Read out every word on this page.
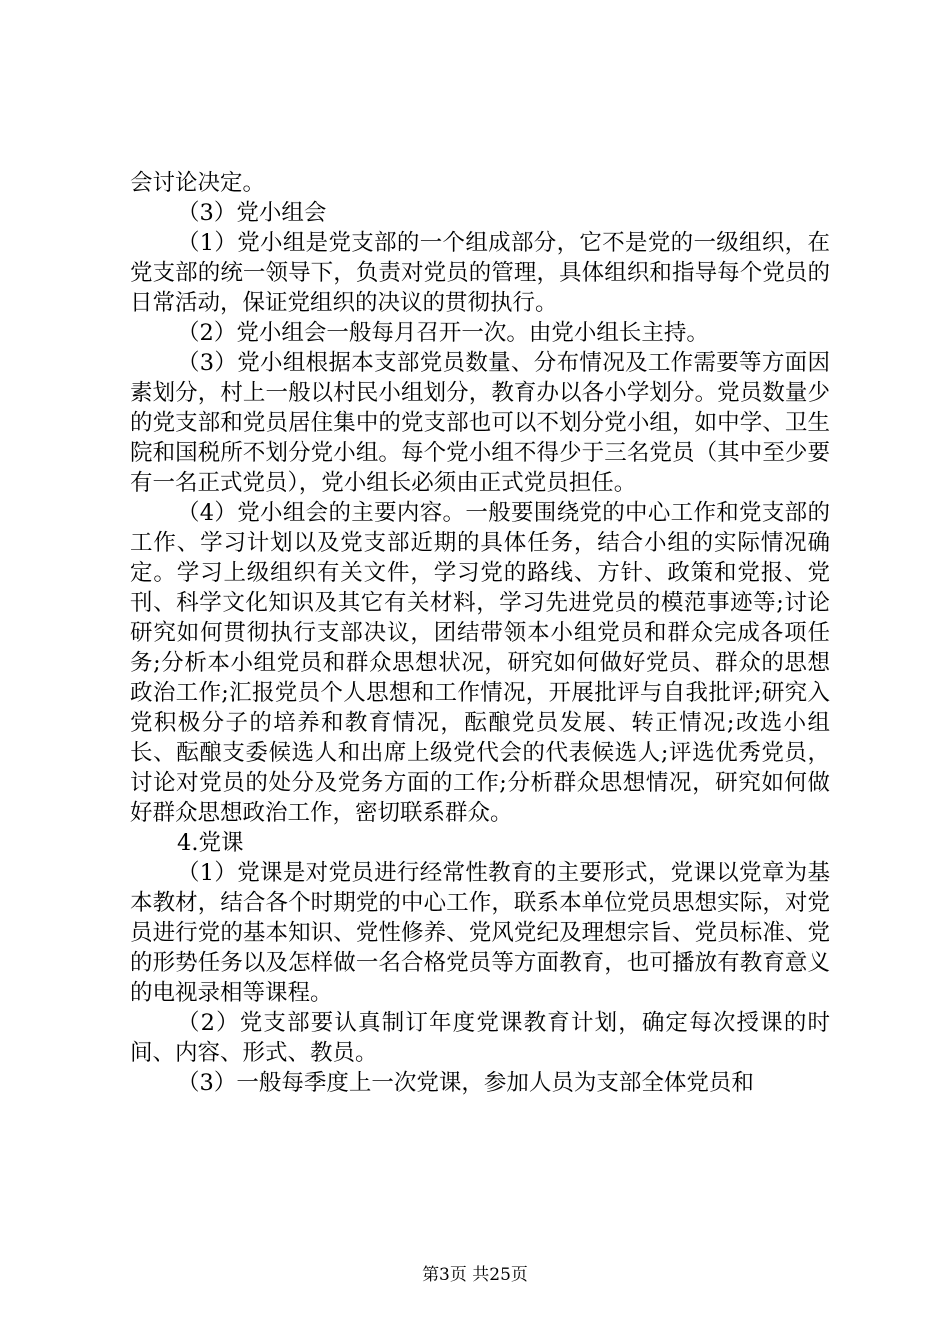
会讨论决定。

（3）党小组会

（1）党小组是党支部的一个组成部分，它不是党的一级组织，在党支部的统一领导下，负责对党员的管理，具体组织和指导每个党员的日常活动，保证党组织的决议的贯彻执行。

（2）党小组会一般每月召开一次。由党小组长主持。

（3）党小组根据本支部党员数量、分布情况及工作需要等方面因素划分，村上一般以村民小组划分，教育办以各小学划分。党员数量少的党支部和党员居住集中的党支部也可以不划分党小组，如中学、卫生院和国税所不划分党小组。每个党小组不得少于三名党员（其中至少要有一名正式党员），党小组长必须由正式党员担任。

（4）党小组会的主要内容。一般要围绕党的中心工作和党支部的工作、学习计划以及党支部近期的具体任务，结合小组的实际情况确定。学习上级组织有关文件，学习党的路线、方针、政策和党报、党刊、科学文化知识及其它有关材料，学习先进党员的模范事迹等;讨论研究如何贯彻执行支部决议，团结带领本小组党员和群众完成各项任务;分析本小组党员和群众思想状况，研究如何做好党员、群众的思想政治工作;汇报党员个人思想和工作情况，开展批评与自我批评;研究入党积极分子的培养和教育情况，酝酿党员发展、转正情况;改选小组长、酝酿支委候选人和出席上级党代会的代表候选人;评选优秀党员，讨论对党员的处分及党务方面的工作;分析群众思想情况，研究如何做好群众思想政治工作，密切联系群众。

4.党课

（1）党课是对党员进行经常性教育的主要形式，党课以党章为基本教材，结合各个时期党的中心工作，联系本单位党员思想实际，对党员进行党的基本知识、党性修养、党风党纪及理想宗旨、党员标准、党的形势任务以及怎样做一名合格党员等方面教育，也可播放有教育意义的电视录相等课程。

（2）党支部要认真制订年度党课教育计划，确定每次授课的时间、内容、形式、教员。

（3）一般每季度上一次党课，参加人员为支部全体党员和

第3页 共25页
